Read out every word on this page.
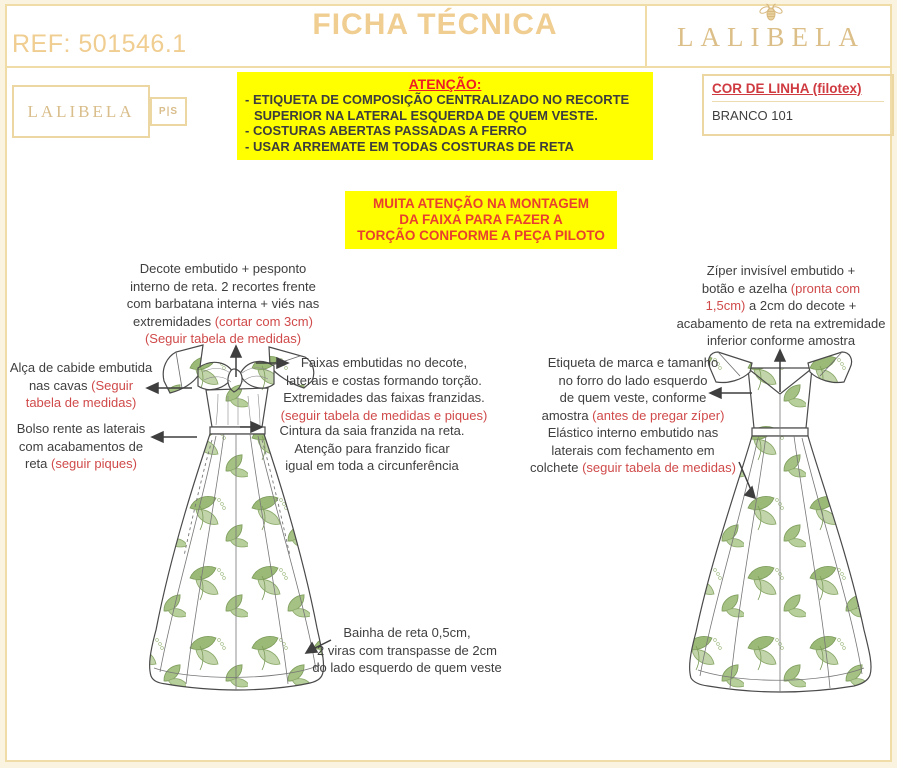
REF: 501546.1
FICHA TÉCNICA	LALIBELA
LALIBELA	P|S
ATENÇÃO:
- ETIQUETA DE COMPOSIÇÃO CENTRALIZADO NO RECORTE
SUPERIOR NA LATERAL ESQUERDA DE QUEM VESTE.
- COSTURAS ABERTAS PASSADAS A FERRO
- USAR ARREMATE EM TODAS COSTURAS DE RETA
COR DE LINHA (filotex)
BRANCO 101
MUITA ATENÇÃO NA MONTAGEM
DA FAIXA PARA FAZER A
TORÇÃO CONFORME A PEÇA PILOTO
Decote embutido + pesponto
interno de reta. 2 recortes frente
com barbatana interna + viés nas
extremidades (cortar com 3cm)
(Seguir tabela de medidas)
Alça de cabide embutida
nas cavas (Seguir
tabela de medidas)
Bolso rente as laterais
com acabamentos de
reta (seguir piques)
Faixas embutidas no decote,
laterais e costas formando torção.
Extremidades das faixas franzidas.
(seguir tabela de medidas e piques)
Cintura da saia franzida na reta.
Atenção para franzido ficar
igual em toda a circunferência
Bainha de reta 0,5cm,
2 viras com transpasse de 2cm
do lado esquerdo de quem veste
Zíper invisível embutido +
botão e azelha (pronta com
1,5cm) a 2cm do decote +
acabamento de reta na extremidade
inferior conforme amostra
Etiqueta de marca e tamanho
no forro do lado esquerdo
de quem veste, conforme
amostra (antes de pregar zíper)
Elástico interno embutido nas
laterais com fechamento em
colchete (seguir tabela de medidas)
